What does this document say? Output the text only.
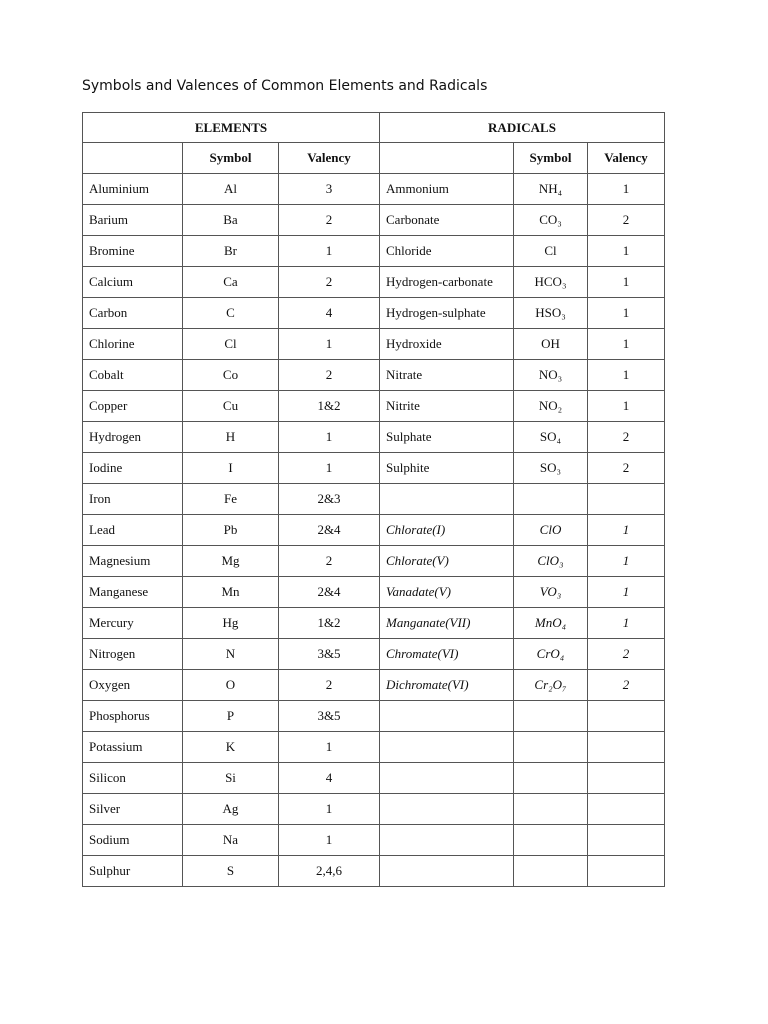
Symbols and Valences of Common Elements and Radicals
ELEMENTS			RADICALS		
	Symbol	Valency		Symbol	Valency
Aluminium	Al	3	Ammonium	NH₄	1
Barium	Ba	2	Carbonate	CO₃	2
Bromine	Br	1	Chloride	Cl	1
Calcium	Ca	2	Hydrogen-carbonate	HCO₃	1
Carbon	C	4	Hydrogen-sulphate	HSO₃	1
Chlorine	Cl	1	Hydroxide	OH	1
Cobalt	Co	2	Nitrate	NO₃	1
Copper	Cu	1&2	Nitrite	NO₂	1
Hydrogen	H	1	Sulphate	SO₄	2
Iodine	I	1	Sulphite	SO₃	2
Iron	Fe	2&3			
Lead	Pb	2&4	Chlorate(I)	ClO	1
Magnesium	Mg	2	Chlorate(V)	ClO₃	1
Manganese	Mn	2&4	Vanadate(V)	VO₃	1
Mercury	Hg	1&2	Manganate(VII)	MnO₄	1
Nitrogen	N	3&5	Chromate(VI)	CrO₄	2
Oxygen	O	2	Dichromate(VI)	Cr₂O₇	2
Phosphorus	P	3&5			
Potassium	K	1			
Silicon	Si	4			
Silver	Ag	1			
Sodium	Na	1			
Sulphur	S	2,4,6			
